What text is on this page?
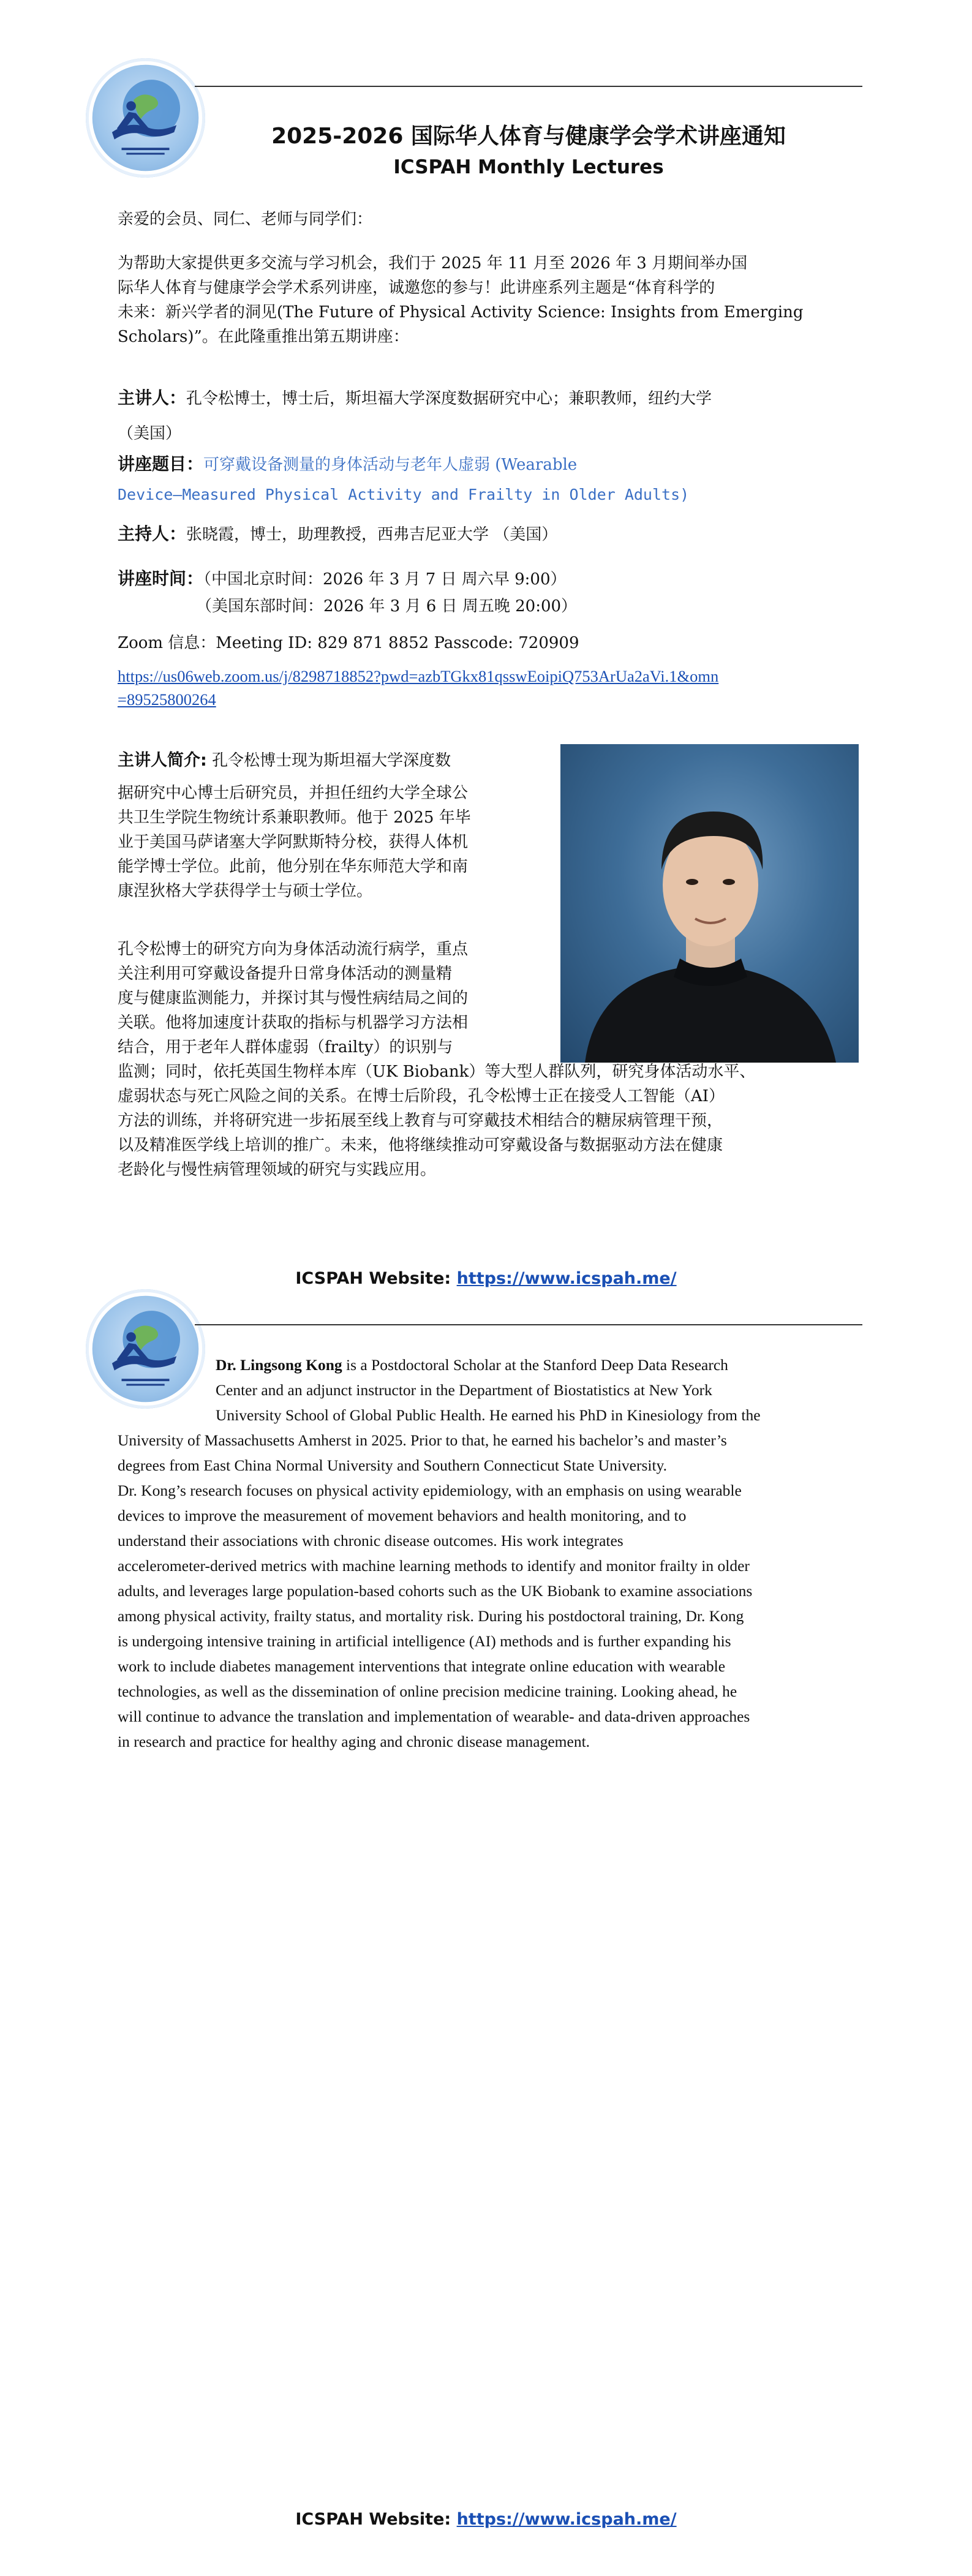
2025-2026 国际华人体育与健康学会学术讲座通知
ICSPAH Monthly Lectures
亲爱的会员、同仁、老师与同学们：
为帮助大家提供更多交流与学习机会，我们于 2025 年 11 月至 2026 年 3 月期间举办国
际华人体育与健康学会学术系列讲座，诚邀您的参与！此讲座系列主题是“体育科学的
未来：新兴学者的洞见(The Future of Physical Activity Science: Insights from Emerging
Scholars)”。在此隆重推出第五期讲座：
主讲人：孔令松博士，博士后，斯坦福大学深度数据研究中心；兼职教师，纽约大学
（美国）
讲座题目：可穿戴设备测量的身体活动与老年人虚弱 (Wearable
Device–Measured Physical Activity and Frailty in Older Adults)
主持人：张晓霞，博士，助理教授，西弗吉尼亚大学 （美国）
讲座时间：（中国北京时间：2026 年 3 月 7 日 周六早 9:00）
（美国东部时间：2026 年 3 月 6 日 周五晚 20:00）
Zoom 信息：Meeting ID: 829 871 8852 Passcode: 720909
https://us06web.zoom.us/j/8298718852?pwd=azbTGkx81qsswEoipiQ753ArUa2aVi.1&omn
=89525800264
主讲人简介: 孔令松博士现为斯坦福大学深度数
据研究中心博士后研究员，并担任纽约大学全球公
共卫生学院生物统计系兼职教师。他于 2025 年毕
业于美国马萨诸塞大学阿默斯特分校，获得人体机
能学博士学位。此前，他分别在华东师范大学和南
康涅狄格大学获得学士与硕士学位。
孔令松博士的研究方向为身体活动流行病学，重点
关注利用可穿戴设备提升日常身体活动的测量精
度与健康监测能力，并探讨其与慢性病结局之间的
关联。他将加速度计获取的指标与机器学习方法相
结合，用于老年人群体虚弱（frailty）的识别与
监测；同时，依托英国生物样本库（UK Biobank）等大型人群队列，研究身体活动水平、
虚弱状态与死亡风险之间的关系。在博士后阶段，孔令松博士正在接受人工智能（AI）
方法的训练，并将研究进一步拓展至线上教育与可穿戴技术相结合的糖尿病管理干预，
以及精准医学线上培训的推广。未来，他将继续推动可穿戴设备与数据驱动方法在健康
老龄化与慢性病管理领域的研究与实践应用。
ICSPAH Website: https://www.icspah.me/
Dr. Lingsong Kong is a Postdoctoral Scholar at the Stanford Deep Data Research
Center and an adjunct instructor in the Department of Biostatistics at New York
University School of Global Public Health. He earned his PhD in Kinesiology from the
University of Massachusetts Amherst in 2025. Prior to that, he earned his bachelor’s and master’s
degrees from East China Normal University and Southern Connecticut State University.
Dr. Kong’s research focuses on physical activity epidemiology, with an emphasis on using wearable
devices to improve the measurement of movement behaviors and health monitoring, and to
understand their associations with chronic disease outcomes. His work integrates
accelerometer-derived metrics with machine learning methods to identify and monitor frailty in older
adults, and leverages large population-based cohorts such as the UK Biobank to examine associations
among physical activity, frailty status, and mortality risk. During his postdoctoral training, Dr. Kong
is undergoing intensive training in artificial intelligence (AI) methods and is further expanding his
work to include diabetes management interventions that integrate online education with wearable
technologies, as well as the dissemination of online precision medicine training. Looking ahead, he
will continue to advance the translation and implementation of wearable- and data-driven approaches
in research and practice for healthy aging and chronic disease management.
ICSPAH Website: https://www.icspah.me/
